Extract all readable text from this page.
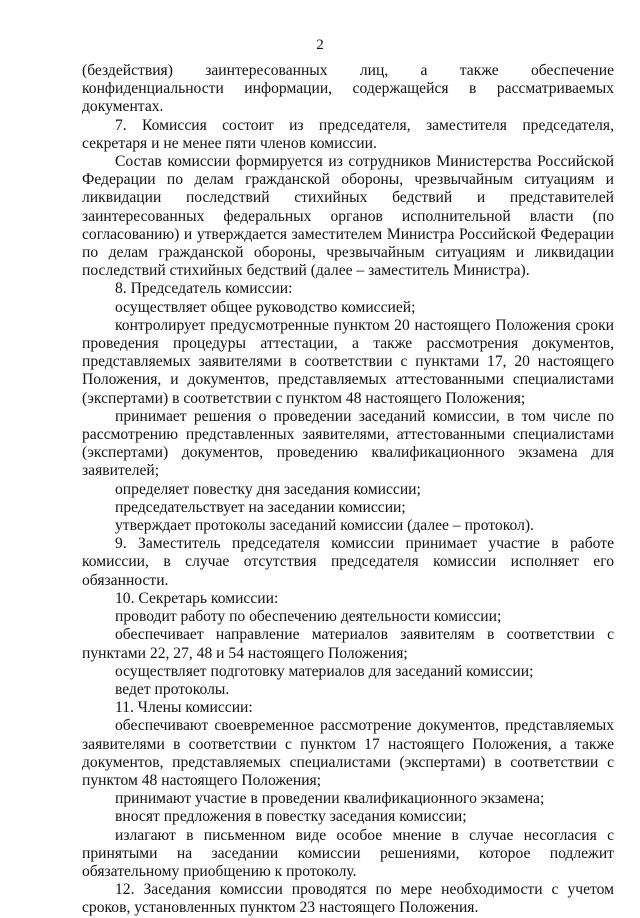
2

(бездействия) заинтересованных лиц, а также обеспечение конфиденциальности информации, содержащейся в рассматриваемых документах.

7. Комиссия состоит из председателя, заместителя председателя, секретаря и не менее пяти членов комиссии.

Состав комиссии формируется из сотрудников Министерства Российской Федерации по делам гражданской обороны, чрезвычайным ситуациям и ликвидации последствий стихийных бедствий и представителей заинтересованных федеральных органов исполнительной власти (по согласованию) и утверждается заместителем Министра Российской Федерации по делам гражданской обороны, чрезвычайным ситуациям и ликвидации последствий стихийных бедствий (далее – заместитель Министра).

8. Председатель комиссии:

осуществляет общее руководство комиссией;

контролирует предусмотренные пунктом 20 настоящего Положения сроки проведения процедуры аттестации, а также рассмотрения документов, представляемых заявителями в соответствии с пунктами 17, 20 настоящего Положения, и документов, представляемых аттестованными специалистами (экспертами) в соответствии с пунктом 48 настоящего Положения;

принимает решения о проведении заседаний комиссии, в том числе по рассмотрению представленных заявителями, аттестованными специалистами (экспертами) документов, проведению квалификационного экзамена для заявителей;

определяет повестку дня заседания комиссии;

председательствует на заседании комиссии;

утверждает протоколы заседаний комиссии (далее – протокол).

9. Заместитель председателя комиссии принимает участие в работе комиссии, в случае отсутствия председателя комиссии исполняет его обязанности.

10. Секретарь комиссии:

проводит работу по обеспечению деятельности комиссии;

обеспечивает направление материалов заявителям в соответствии с пунктами 22, 27, 48 и 54 настоящего Положения;

осуществляет подготовку материалов для заседаний комиссии;

ведет протоколы.

11. Члены комиссии:

обеспечивают своевременное рассмотрение документов, представляемых заявителями в соответствии с пунктом 17 настоящего Положения, а также документов, представляемых специалистами (экспертами) в соответствии с пунктом 48 настоящего Положения;

принимают участие в проведении квалификационного экзамена;

вносят предложения в повестку заседания комиссии;

излагают в письменном виде особое мнение в случае несогласия с принятыми на заседании комиссии решениями, которое подлежит обязательному приобщению к протоколу.

12. Заседания комиссии проводятся по мере необходимости с учетом сроков, установленных пунктом 23 настоящего Положения.
